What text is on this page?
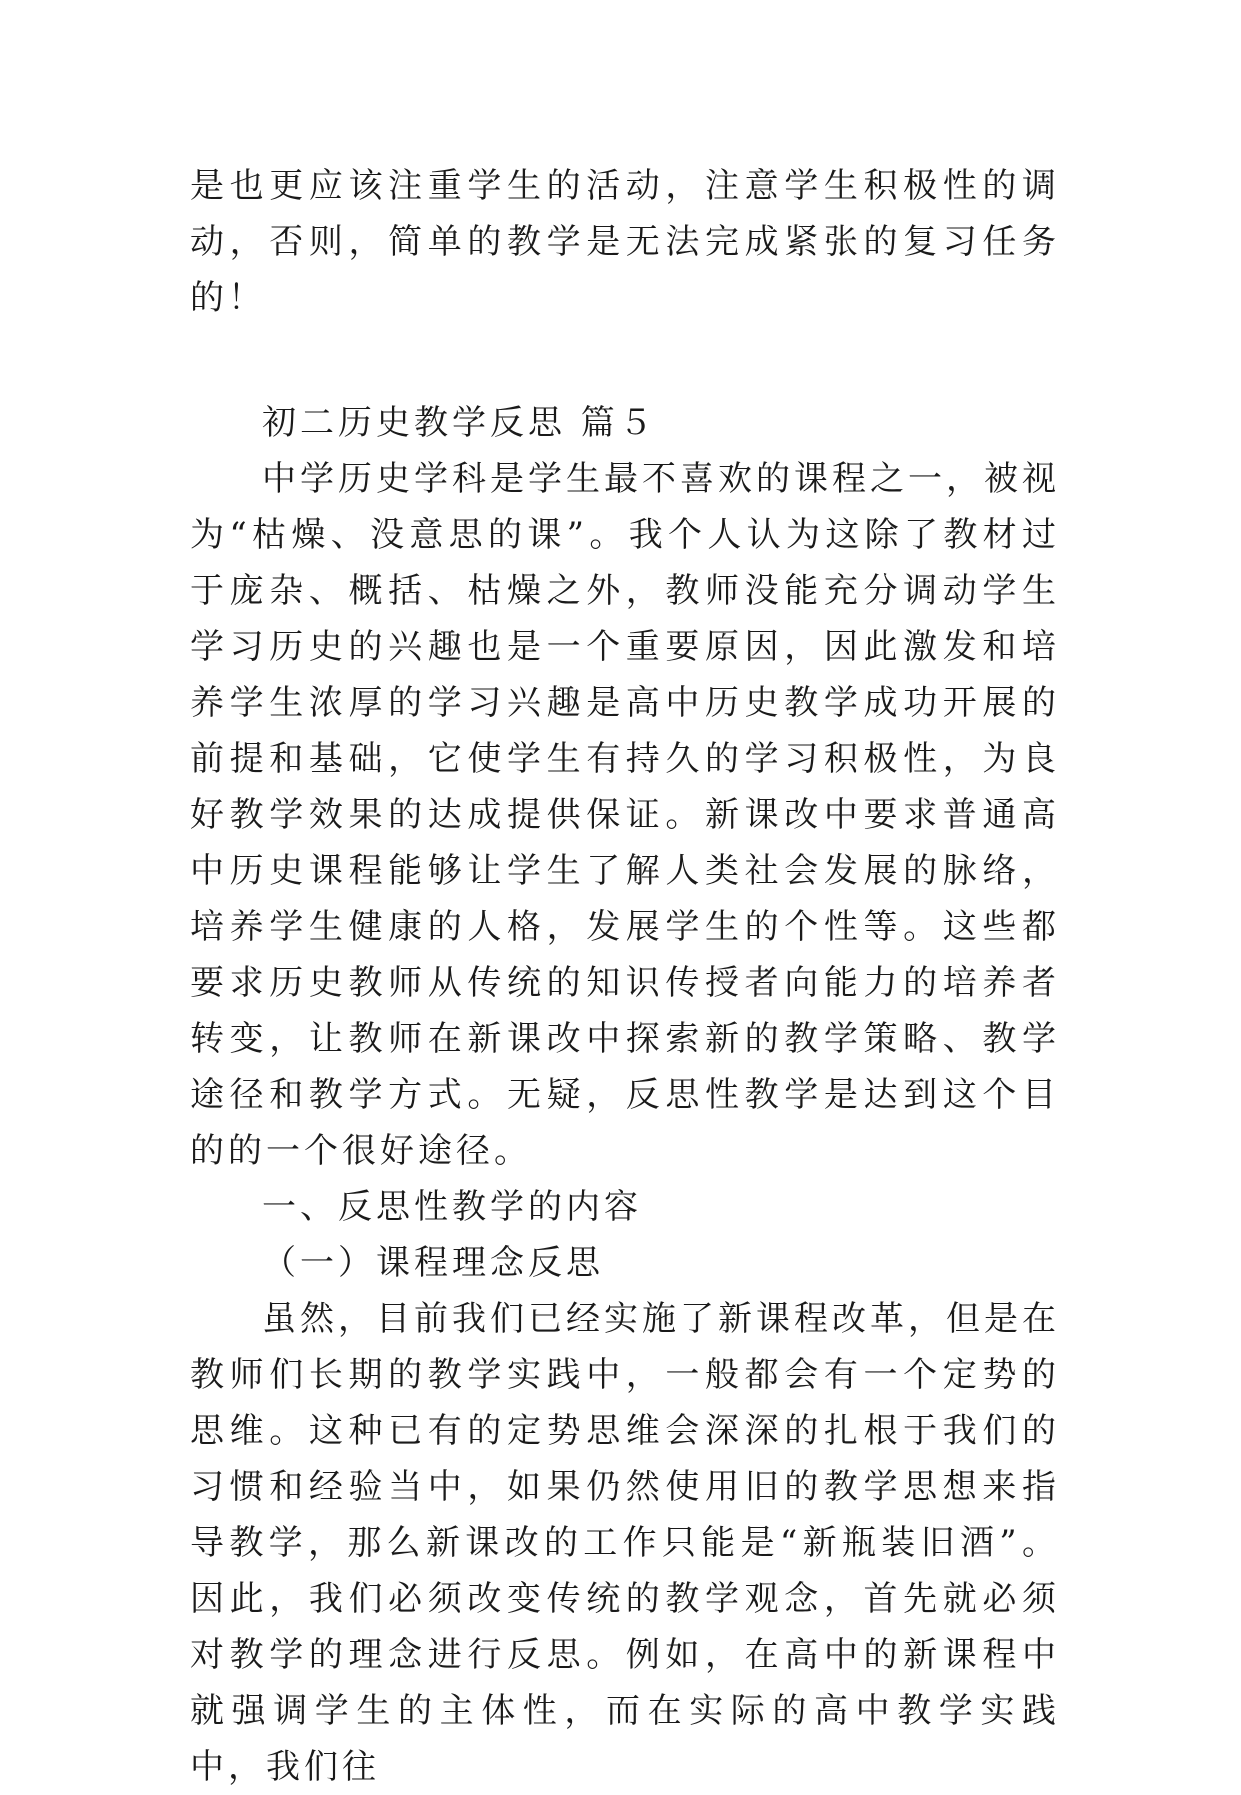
是也更应该注重学生的活动，注意学生积极性的调动，否则，简单的教学是无法完成紧张的复习任务的！

初二历史教学反思 篇５

中学历史学科是学生最不喜欢的课程之一，被视为“枯燥、没意思的课”。我个人认为这除了教材过于庞杂、概括、枯燥之外，教师没能充分调动学生学习历史的兴趣也是一个重要原因，因此激发和培养学生浓厚的学习兴趣是高中历史教学成功开展的前提和基础，它使学生有持久的学习积极性，为良好教学效果的达成提供保证。新课改中要求普通高中历史课程能够让学生了解人类社会发展的脉络，培养学生健康的人格，发展学生的个性等。这些都要求历史教师从传统的知识传授者向能力的培养者转变，让教师在新课改中探索新的教学策略、教学途径和教学方式。无疑，反思性教学是达到这个目的的一个很好途径。

一、反思性教学的内容

（一）课程理念反思

虽然，目前我们已经实施了新课程改革，但是在教师们长期的教学实践中，一般都会有一个定势的思维。这种已有的定势思维会深深的扎根于我们的习惯和经验当中，如果仍然使用旧的教学思想来指导教学，那么新课改的工作只能是“新瓶装旧酒”。因此，我们必须改变传统的教学观念，首先就必须对教学的理念进行反思。例如，在高中的新课程中就强调学生的主体性，而在实际的高中教学实践中，我们往
